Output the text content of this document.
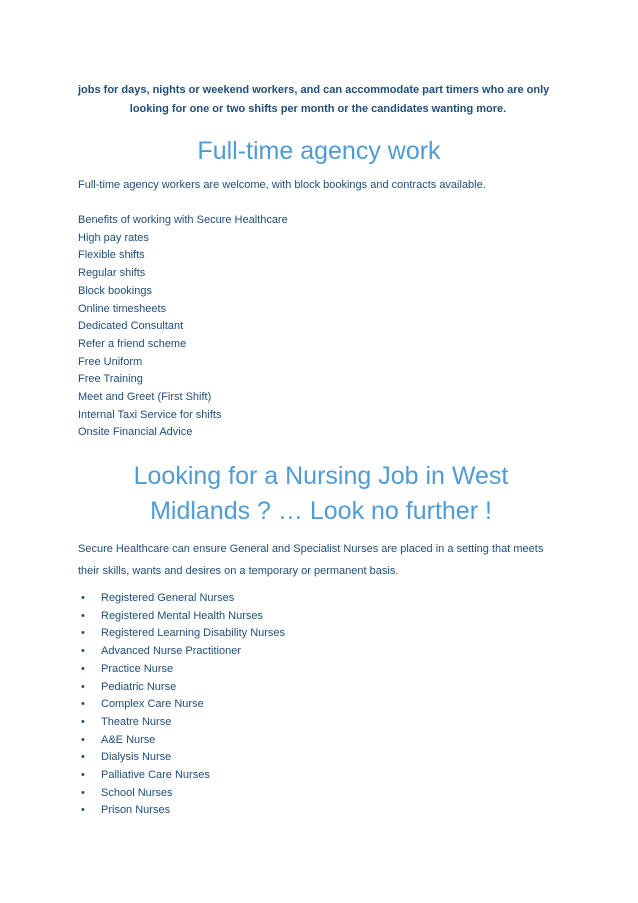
jobs for days, nights or weekend workers, and can accommodate part timers who are only

looking for one or two shifts per month or the candidates wanting more.
Full-time agency work
Full-time agency workers are welcome, with block bookings and contracts available.
Benefits of working with Secure Healthcare
High pay rates
Flexible shifts
Regular shifts
Block bookings
Online timesheets
Dedicated Consultant
Refer a friend scheme
Free Uniform
Free Training
Meet and Greet (First Shift)
Internal Taxi Service for shifts
Onsite Financial Advice
Looking for a Nursing Job in West
Midlands ? … Look no further !
Secure Healthcare can ensure General and Specialist Nurses are placed in a setting that meets
their skills, wants and desires on a temporary or permanent basis.
• Registered General Nurses
• Registered Mental Health Nurses
• Registered Learning Disability Nurses
• Advanced Nurse Practitioner
• Practice Nurse
• Pediatric Nurse
• Complex Care Nurse
• Theatre Nurse
• A&E Nurse
• Dialysis Nurse
• Palliative Care Nurses
• School Nurses
• Prison Nurses
